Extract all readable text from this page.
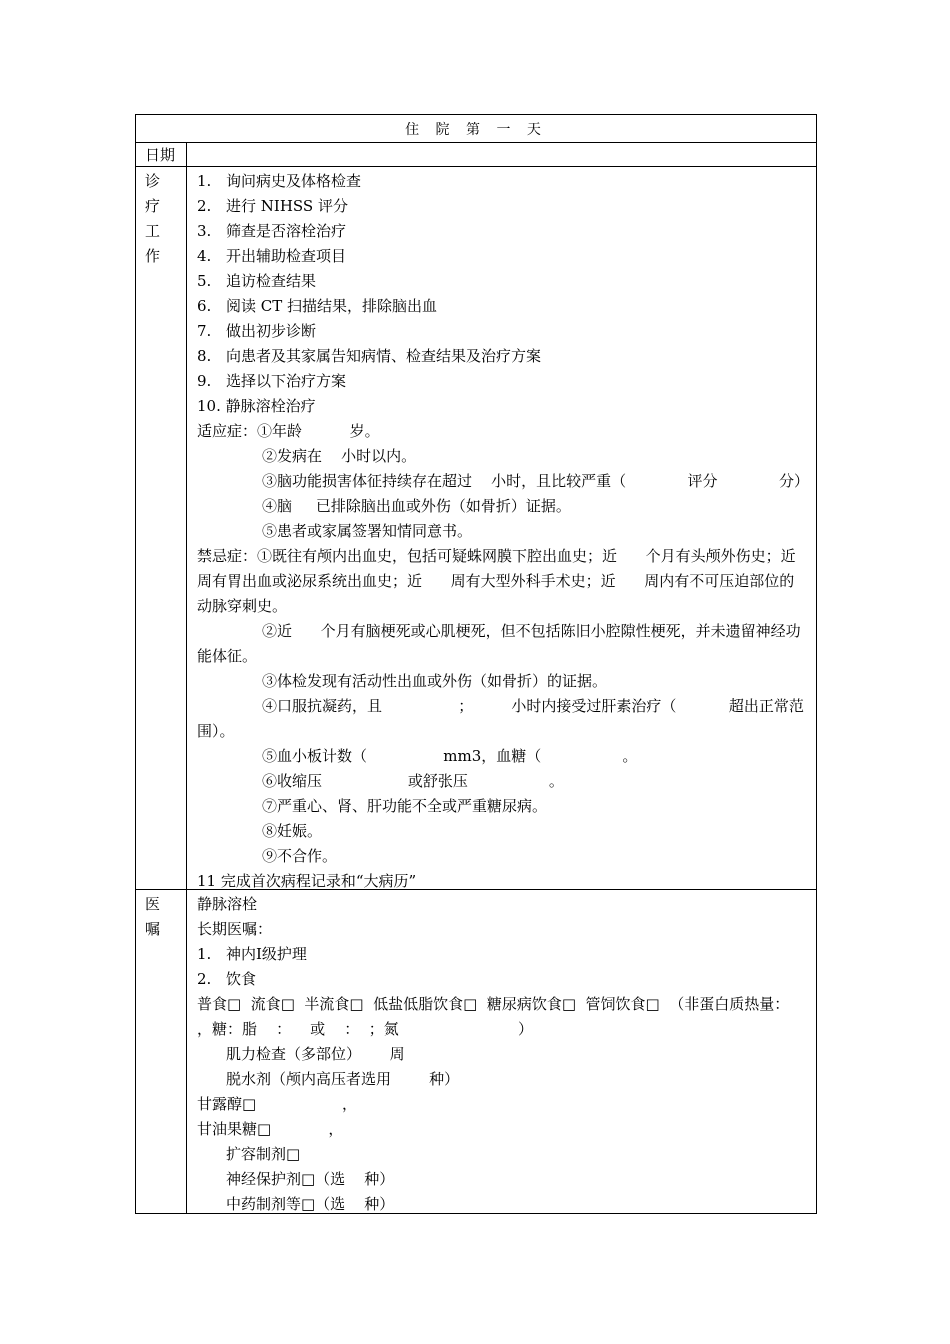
住 院 第 一 天
日期
诊
疗
工
作
1. 询问病史及体格检查
2. 进行 NIHSS 评分
3. 筛查是否溶栓治疗
4. 开出辅助检查项目
5. 追访检查结果
6. 阅读 CT 扫描结果，排除脑出血
7. 做出初步诊断
8. 向患者及其家属告知病情、检查结果及治疗方案
9. 选择以下治疗方案
10. 静脉溶栓治疗
适应症：①年龄          岁。
②发病在    小时以内。
③脑功能损害体征持续存在超过    小时，且比较严重（	评分	分）
④脑     已排除脑出血或外伤（如骨折）证据。
⑤患者或家属签署知情同意书。
禁忌症：①既往有颅内出血史，包括可疑蛛网膜下腔出血史；近      个月有头颅外伤史；近      周有胃出血或泌尿系统出血史；近      周有大型外科手术史；近      周内有不可压迫部位的动脉穿刺史。
②近      个月有脑梗死或心肌梗死，但不包括陈旧小腔隙性梗死，并未遗留神经功能体征。
③体检发现有活动性出血或外伤（如骨折）的证据。
④口服抗凝药，且                ；        小时内接受过肝素治疗（           超出正常范围）。
⑤血小板计数（                mm3，血糖（                 。
⑥收缩压                  或舒张压                 。
⑦严重心、肾、肝功能不全或严重糖尿病。
⑧妊娠。
⑨不合作。
11 完成首次病程记录和“大病历”
医
嘱
静脉溶栓
长期医嘱：
1. 神内Ⅰ级护理
2. 饮食
普食□  流食□  半流食□  低盐低脂饮食□  糖尿病饮食□  管饲饮食□  （非蛋白质热量：                    ，糖：脂    ：    或    ：  ；氮                         ）
肌力检查（多部位）      周
脱水剂（颅内高压者选用        种）
甘露醇□                  ，
甘油果糖□            ，
扩容制剂□
神经保护剂□（选    种）
中药制剂等□（选    种）
